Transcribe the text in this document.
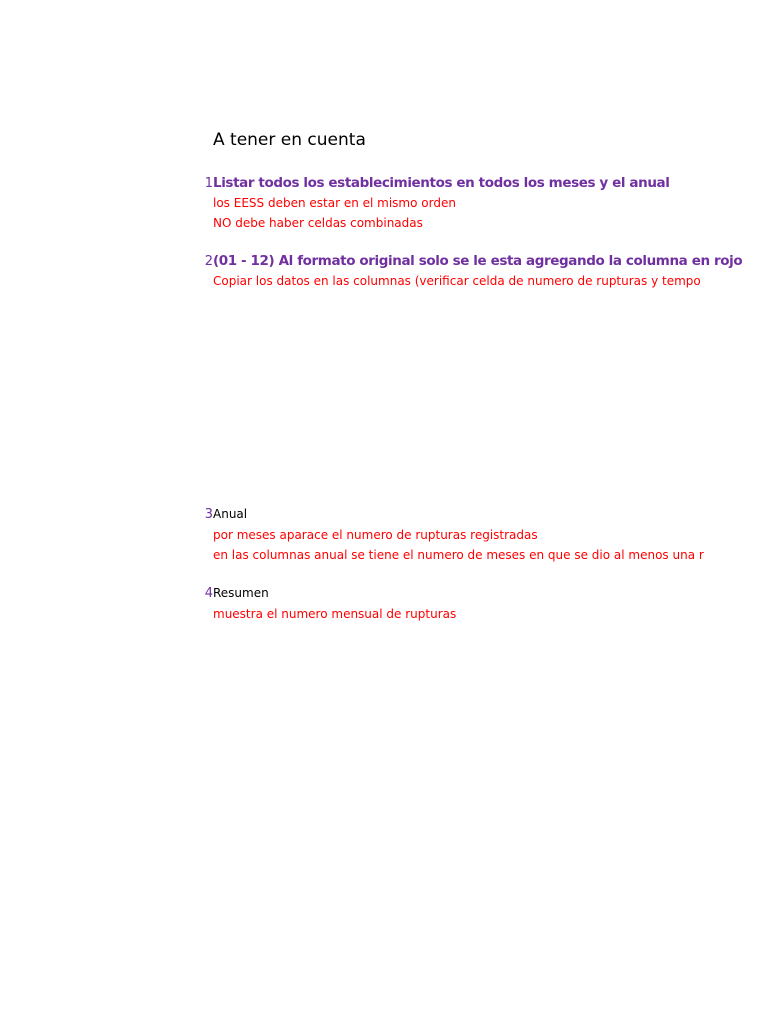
A tener en cuenta
1 Listar todos los establecimientos en todos los meses y el anual
los EESS deben estar en el mismo orden
NO debe haber celdas combinadas
2 (01 - 12) Al formato original solo se le esta agregando la columna en rojo
Copiar los datos en las columnas (verificar celda de numero de rupturas y tempo
3 Anual
por meses aparace el numero de rupturas registradas
en las columnas anual se tiene el numero de meses en que se dio al menos una r
4 Resumen
muestra el numero mensual de rupturas
